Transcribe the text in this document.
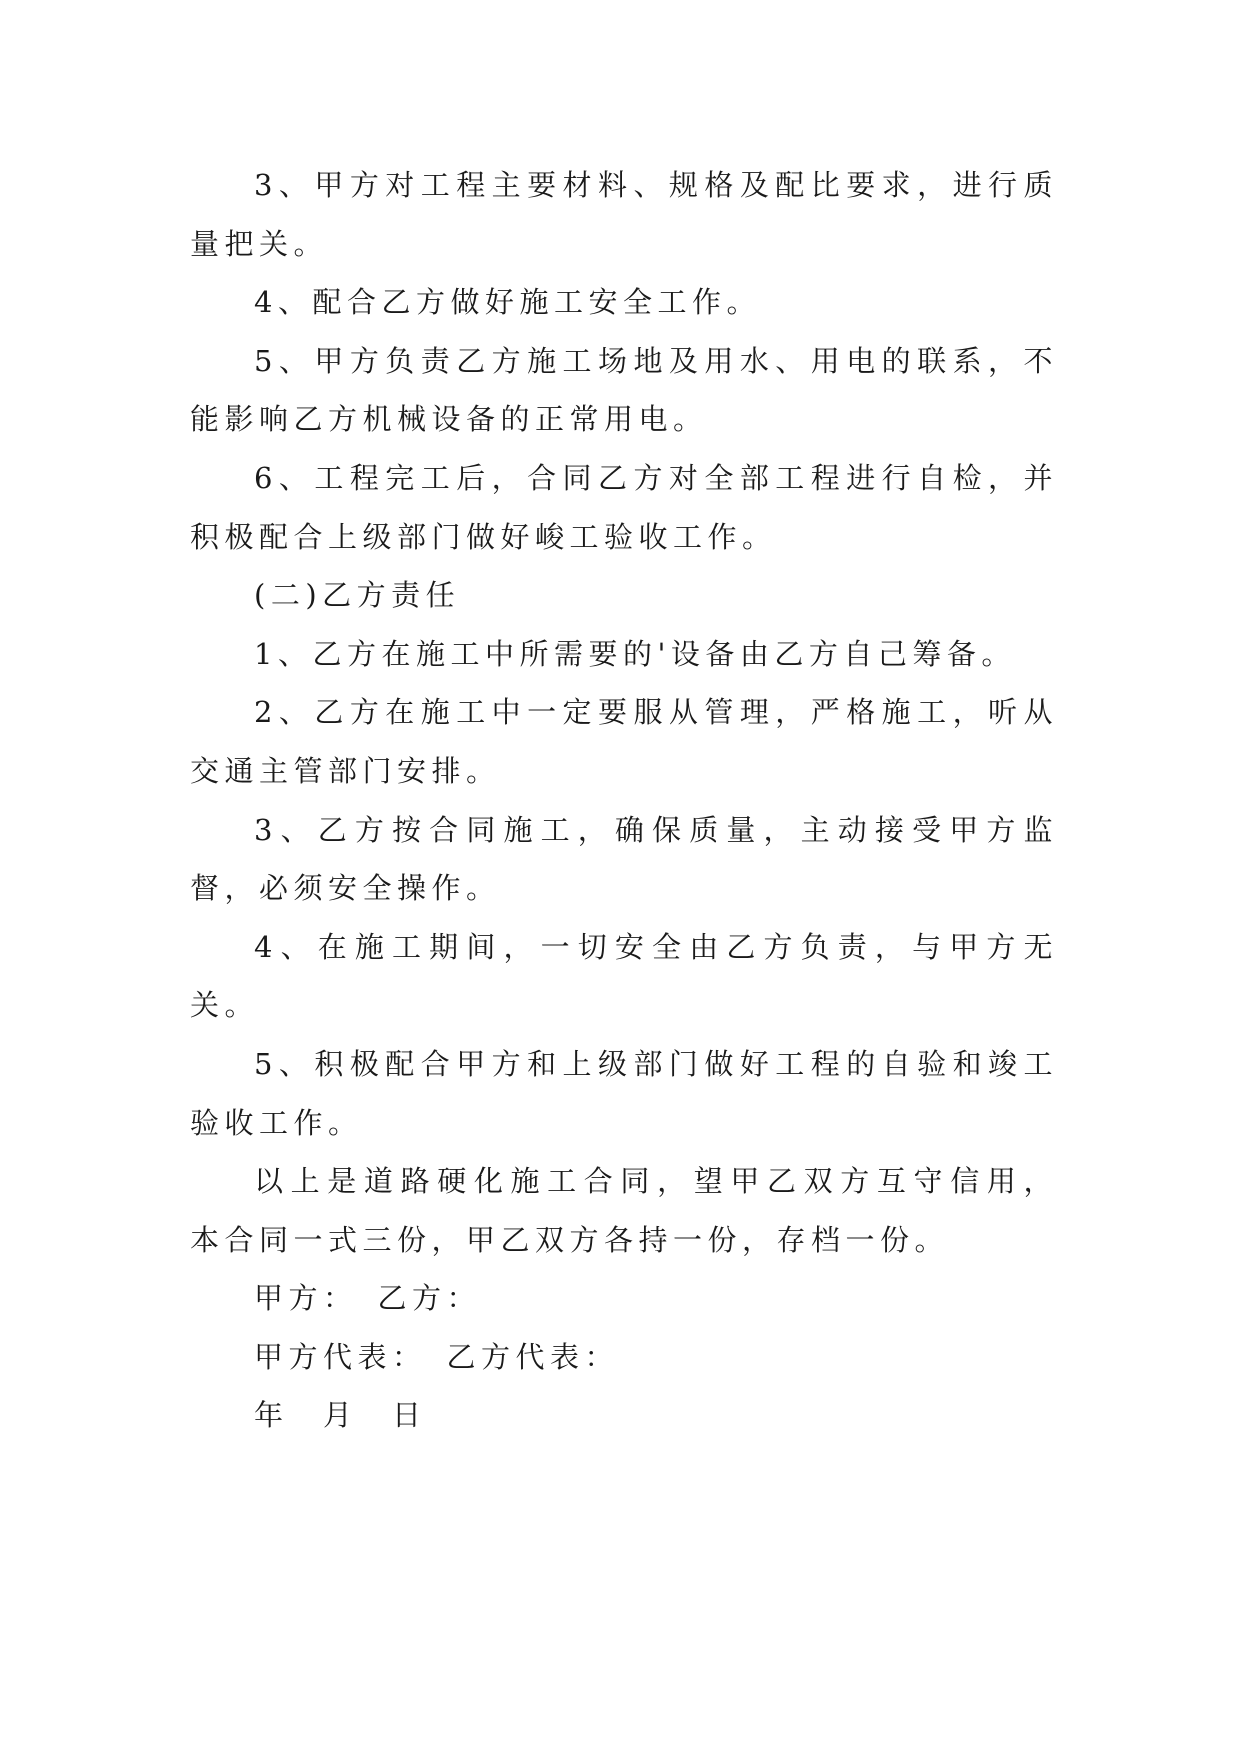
3、甲方对工程主要材料、规格及配比要求，进行质量把关。

4、配合乙方做好施工安全工作。

5、甲方负责乙方施工场地及用水、用电的联系，不能影响乙方机械设备的正常用电。

6、工程完工后，合同乙方对全部工程进行自检，并积极配合上级部门做好峻工验收工作。

(二)乙方责任

1、乙方在施工中所需要的'设备由乙方自己筹备。

2、乙方在施工中一定要服从管理，严格施工，听从交通主管部门安排。

3、乙方按合同施工，确保质量，主动接受甲方监督，必须安全操作。

4、在施工期间，一切安全由乙方负责，与甲方无关。

5、积极配合甲方和上级部门做好工程的自验和竣工验收工作。

以上是道路硬化施工合同，望甲乙双方互守信用， 本合同一式三份，甲乙双方各持一份，存档一份。

甲方：　乙方：

甲方代表：　乙方代表：

年　月　日
